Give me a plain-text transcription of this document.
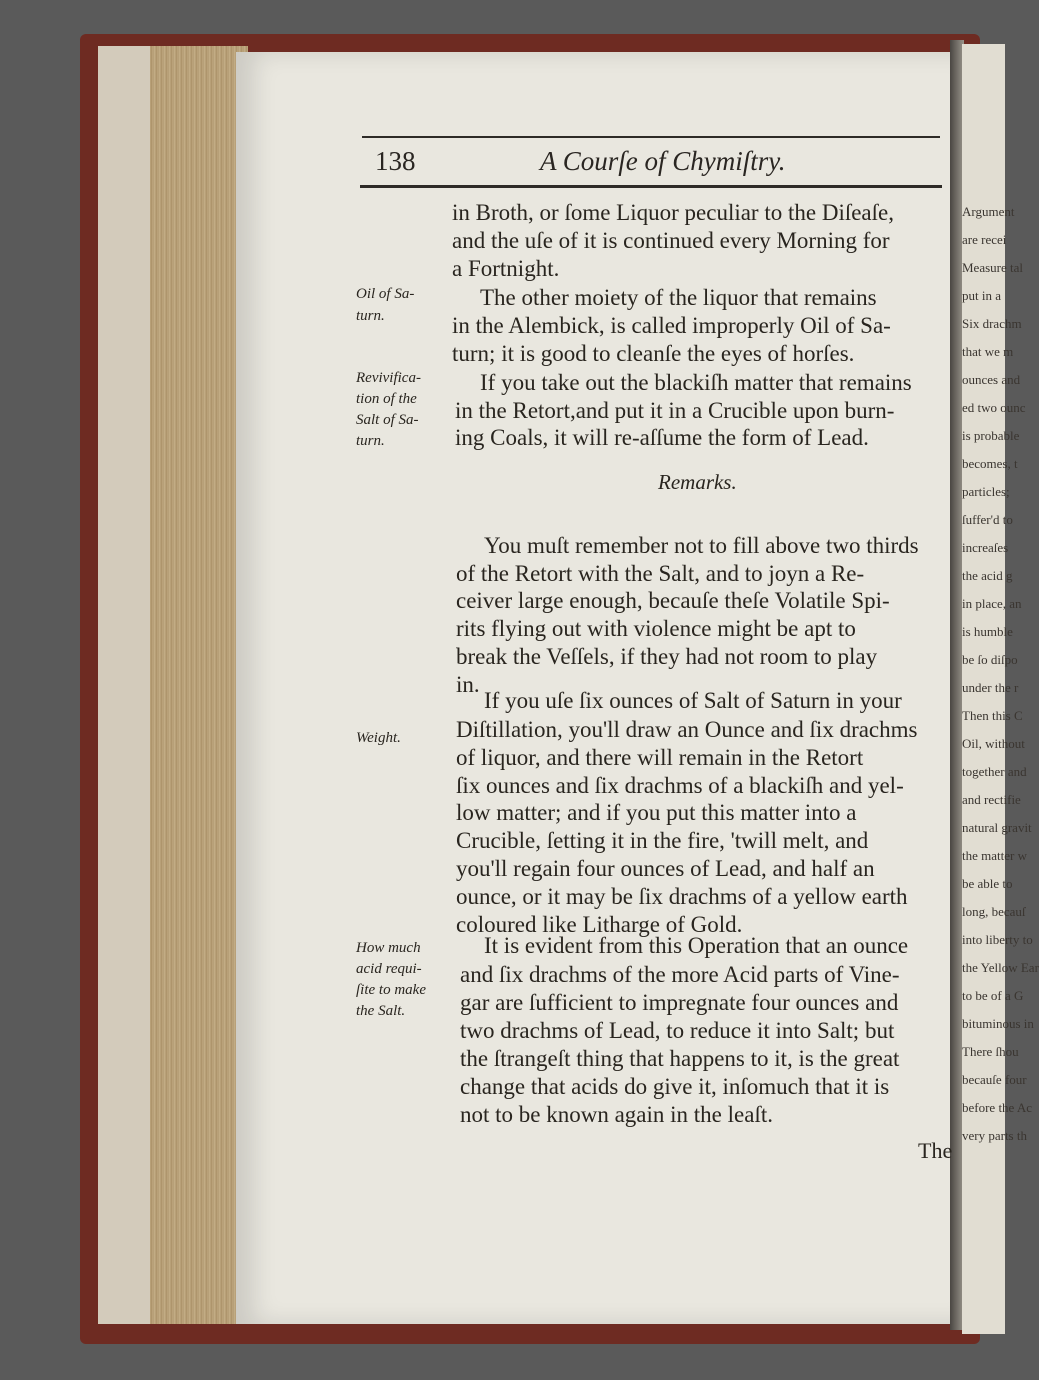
Argument
are recei
Measure tal
put in a
Six drachm
that we m
ounces and
ed two ounc
is probable
becomes, t
particles;
ſuffer'd to
increaſes
the acid g
in place, an
is humble
be ſo diſpo
under the r
Then this C
Oil, without
together and
and rectifie
natural gravit
the matter w
be able to
long, becauſ
into liberty to
the Yellow Ear
to be of a G
bituminous in
There ſhou
becauſe four
before the Ac
very parts th
138	A Courſe of Chymiſtry.
Oil of Sa-
turn.
Revivifica-
tion of the
Salt of Sa-
turn.
Weight.
How much
acid requi-
ſite to make
the Salt.
in Broth, or ſome Liquor peculiar to the Diſeaſe,
and the uſe of it is continued every Morning for
a Fortnight.
The other moiety of the liquor that remains
in the Alembick, is called improperly Oil of Sa-
turn; it is good to cleanſe the eyes of horſes.
If you take out the blackiſh matter that remains
in the Retort,and put it in a Crucible upon burn-
ing Coals, it will re-aſſume the form of Lead.
You muſt remember not to fill above two thirds
of the Retort with the Salt, and to joyn a Re-
ceiver large enough, becauſe theſe Volatile Spi-
rits flying out with violence might be apt to
break the Veſſels, if they had not room to play
in.
If you uſe ſix ounces of Salt of Saturn in your
Diſtillation, you'll draw an Ounce and ſix drachms
of liquor, and there will remain in the Retort
ſix ounces and ſix drachms of a blackiſh and yel-
low matter; and if you put this matter into a
Crucible, ſetting it in the fire, 'twill melt, and
you'll regain four ounces of Lead, and half an
ounce, or it may be ſix drachms of a yellow earth
coloured like Litharge of Gold.
It is evident from this Operation that an ounce
and ſix drachms of the more Acid parts of Vine-
gar are ſufficient to impregnate four ounces and
two drachms of Lead, to reduce it into Salt; but
the ſtrangeſt thing that happens to it, is the great
change that acids do give it, inſomuch that it is
not to be known again in the leaſt.
Remarks.
The
